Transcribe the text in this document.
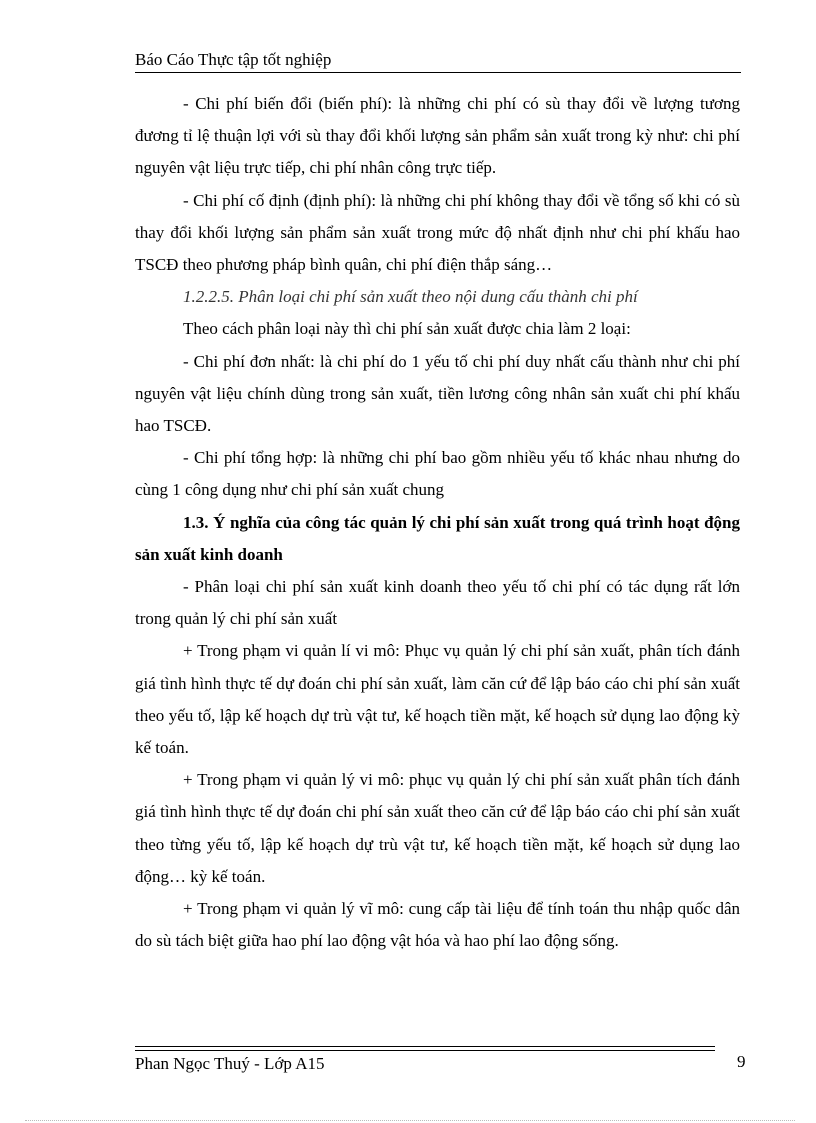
Báo Cáo Thực tập tốt nghiệp

- Chi phí biến đổi (biến phí): là những chi phí có sù thay đổi về lượng tương đương tỉ lệ thuận lợi với sù thay đổi khối lượng sản phẩm sản xuất trong kỳ như: chi phí nguyên vật liệu trực tiếp, chi phí nhân công trực tiếp.

- Chi phí cố định (định phí): là những chi phí không thay đổi về tổng số khi có sù thay đổi khối lượng sản phẩm sản xuất trong mức độ nhất định như chi phí khấu hao TSCĐ theo phương pháp bình quân, chi phí điện thắp sáng…

1.2.2.5. Phân loại chi phí sản xuất theo nội dung cấu thành chi phí

Theo cách phân loại này thì chi phí sản xuất được chia làm 2 loại:

- Chi phí đơn nhất: là chi phí do 1 yếu tố chi phí duy nhất cấu thành như chi phí nguyên vật liệu chính dùng trong sản xuất, tiền lương công nhân sản xuất chi phí khấu hao TSCĐ.

- Chi phí tổng hợp: là những chi phí bao gồm nhiều yếu tố khác nhau nhưng do cùng 1 công dụng như chi phí sản xuất chung

1.3. Ý nghĩa của công tác quản lý chi phí sản xuất trong quá trình hoạt động sản xuất kinh doanh

- Phân loại chi phí sản xuất kinh doanh theo yếu tố chi phí có tác dụng rất lớn trong quản lý chi phí sản xuất

+ Trong phạm vi quản lí vi mô: Phục vụ quản lý chi phí sản xuất, phân tích đánh giá tình hình thực tế dự đoán chi phí sản xuất, làm căn cứ để lập báo cáo chi phí sản xuất theo yếu tố, lập kế hoạch dự trù vật tư, kế hoạch tiền mặt, kế hoạch sử dụng lao động kỳ kế toán.

+ Trong phạm vi quản lý vi mô: phục vụ quản lý chi phí sản xuất phân tích đánh giá tình hình thực tế dự đoán chi phí sản xuất theo căn cứ để lập báo cáo chi phí sản xuất theo từng yếu tố, lập kế hoạch dự trù vật tư, kế hoạch tiền mặt, kế hoạch sử dụng lao động… kỳ kế toán.

+ Trong phạm vi quản lý vĩ mô: cung cấp tài liệu để tính toán thu nhập quốc dân do sù tách biệt giữa hao phí lao động vật hóa và hao phí lao động sống.

Phan Ngọc Thuý - Lớp A15	9
